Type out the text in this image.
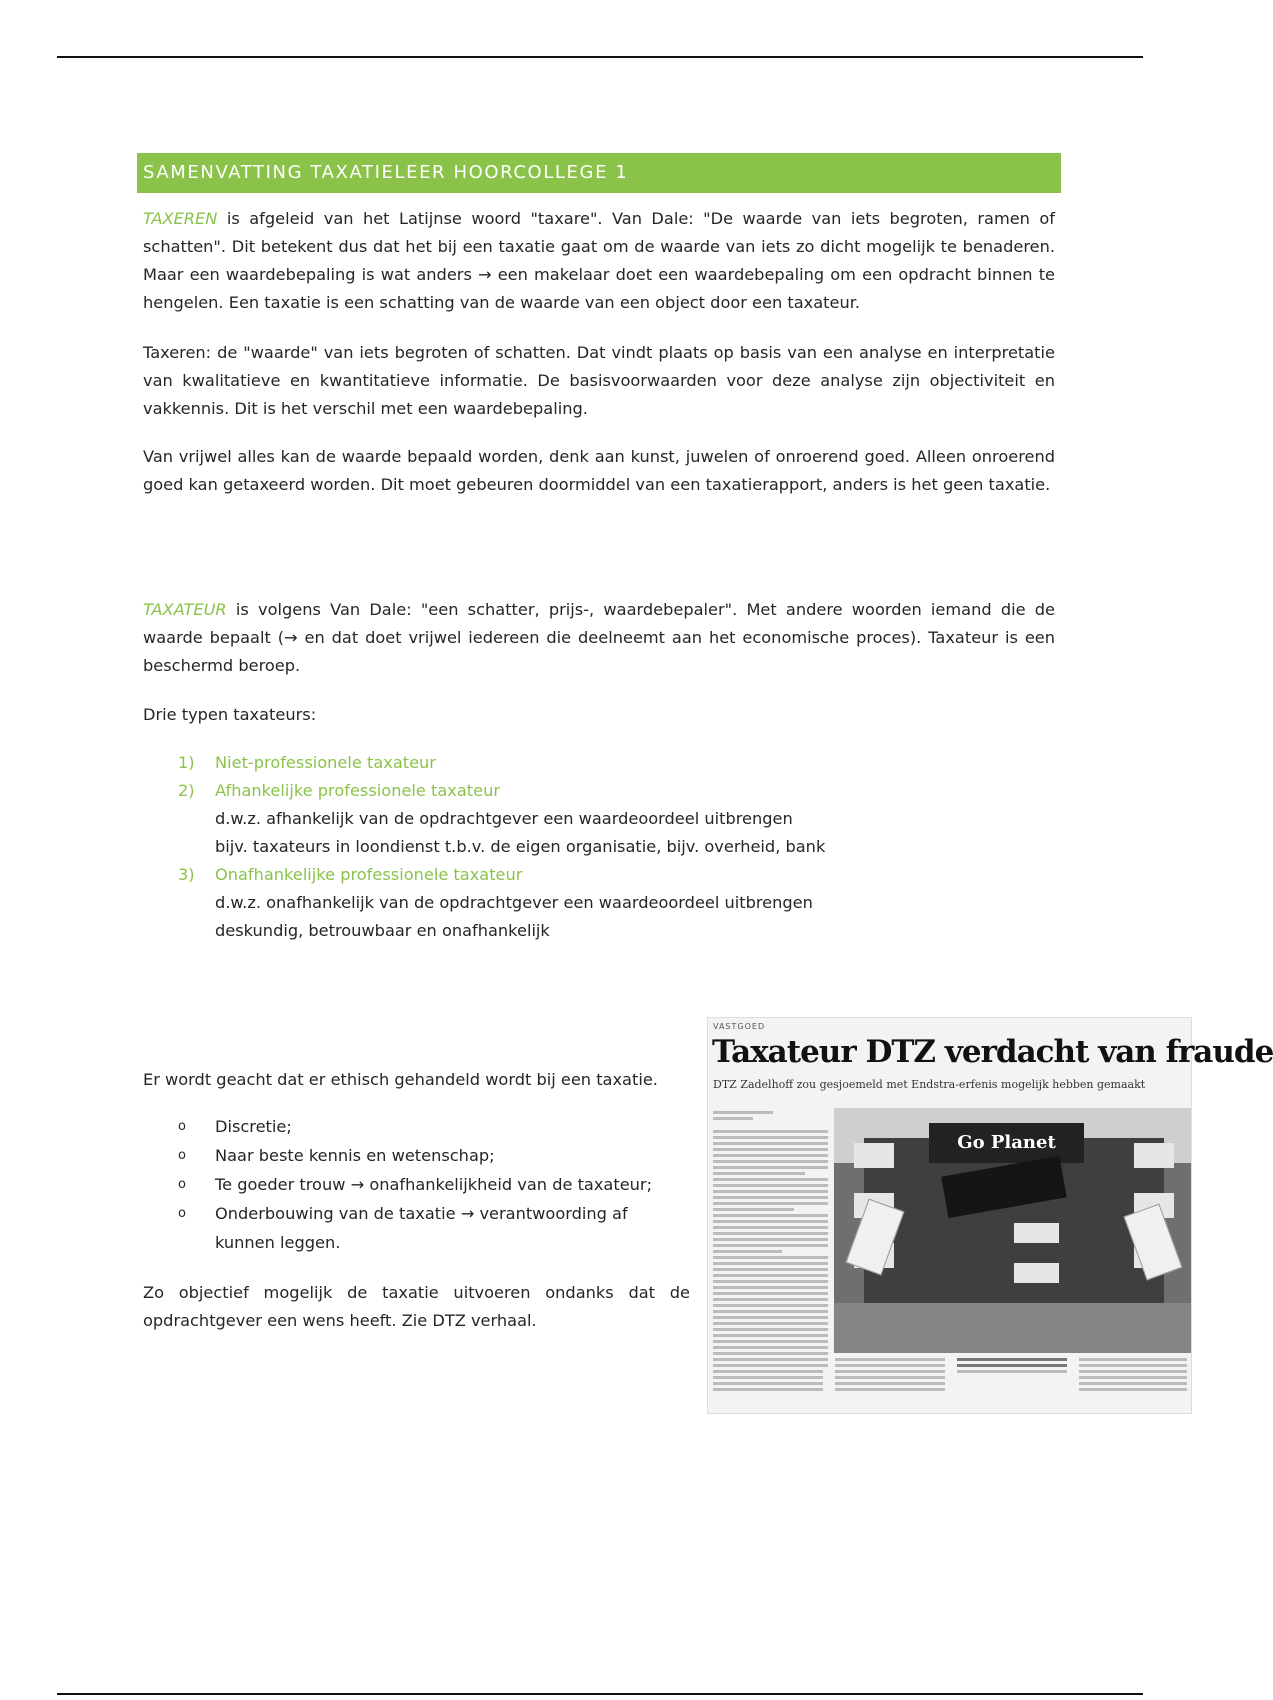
SAMENVATTING TAXATIELEER HOORCOLLEGE 1

TAXEREN is afgeleid van het Latijnse woord "taxare". Van Dale: "De waarde van iets begroten, ramen of schatten". Dit betekent dus dat het bij een taxatie gaat om de waarde van iets zo dicht mogelijk te benaderen. Maar een waardebepaling is wat anders → een makelaar doet een waardebepaling om een opdracht binnen te hengelen. Een taxatie is een schatting van de waarde van een object door een taxateur.

Taxeren: de "waarde" van iets begroten of schatten. Dat vindt plaats op basis van een analyse en interpretatie van kwalitatieve en kwantitatieve informatie. De basisvoorwaarden voor deze analyse zijn objectiviteit en vakkennis. Dit is het verschil met een waardebepaling.

Van vrijwel alles kan de waarde bepaald worden, denk aan kunst, juwelen of onroerend goed. Alleen onroerend goed kan getaxeerd worden. Dit moet gebeuren doormiddel van een taxatierapport, anders is het geen taxatie.

TAXATEUR is volgens Van Dale: "een schatter, prijs-, waardebepaler". Met andere woorden iemand die de waarde bepaalt (→ en dat doet vrijwel iedereen die deelneemt aan het economische proces). Taxateur is een beschermd beroep.

Drie typen taxateurs:

1)	Niet-professionele taxateur
2)	Afhankelijke professionele taxateur
d.w.z. afhankelijk van de opdrachtgever een waardeoordeel uitbrengen
bijv. taxateurs in loondienst t.b.v. de eigen organisatie, bijv. overheid, bank
3)	Onafhankelijke professionele taxateur
d.w.z. onafhankelijk van de opdrachtgever een waardeoordeel uitbrengen
deskundig, betrouwbaar en onafhankelijk

Er wordt geacht dat er ethisch gehandeld wordt bij een taxatie.

o	Discretie;
o	Naar beste kennis en wetenschap;
o	Te goeder trouw → onafhankelijkheid van de taxateur;
o	Onderbouwing van de taxatie → verantwoording af kunnen leggen.

Zo objectief mogelijk de taxatie uitvoeren ondanks dat de opdrachtgever een wens heeft. Zie DTZ verhaal.

VASTGOED
Taxateur DTZ verdacht van fraude
DTZ Zadelhoff zou gesjoemeld met Endstra-erfenis mogelijk hebben gemaakt
Go Planet
